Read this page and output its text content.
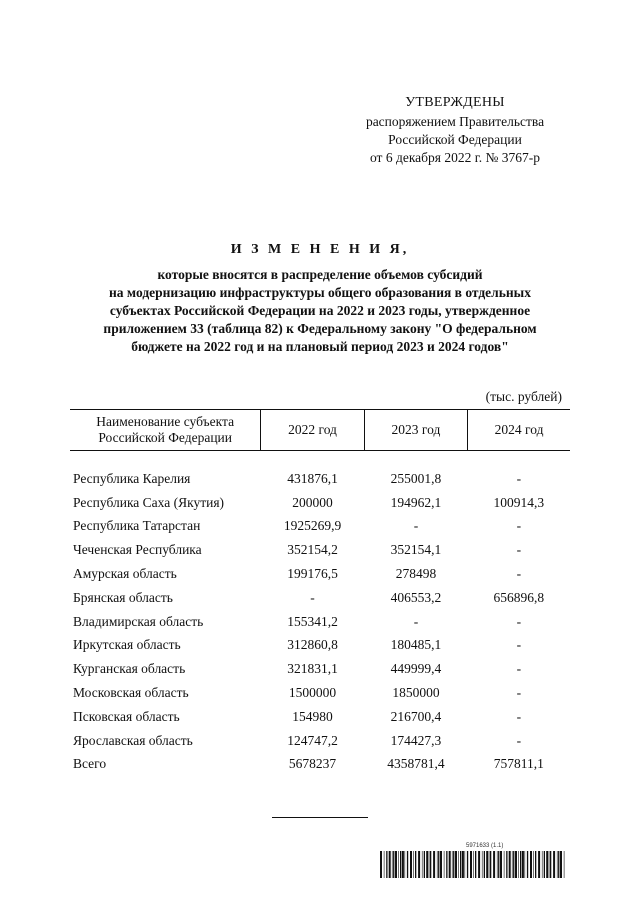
УТВЕРЖДЕНЫ
распоряжением Правительства
Российской Федерации
от 6 декабря 2022 г. № 3767-р
И З М Е Н Е Н И Я,
которые вносятся в распределение объемов субсидий
на модернизацию инфраструктуры общего образования в отдельных
субъектах Российской Федерации на 2022 и 2023 годы, утвержденное
приложением 33 (таблица 82) к Федеральному закону "О федеральном
бюджете на 2022 год и на плановый период 2023 и 2024 годов"
(тыс. рублей)
Наименование субъекта Российской Федерации	2022 год	2023 год	2024 год
Республика Карелия	431876,1	255001,8	-
Республика Саха (Якутия)	200000	194962,1	100914,3
Республика Татарстан	1925269,9	-	-
Чеченская Республика	352154,2	352154,1	-
Амурская область	199176,5	278498	-
Брянская область	-	406553,2	656896,8
Владимирская область	155341,2	-	-
Иркутская область	312860,8	180485,1	-
Курганская область	321831,1	449999,4	-
Московская область	1500000	1850000	-
Псковская область	154980	216700,4	-
Ярославская область	124747,2	174427,3	-
Всего	5678237	4358781,4	757811,1
5971633 (1.1)
